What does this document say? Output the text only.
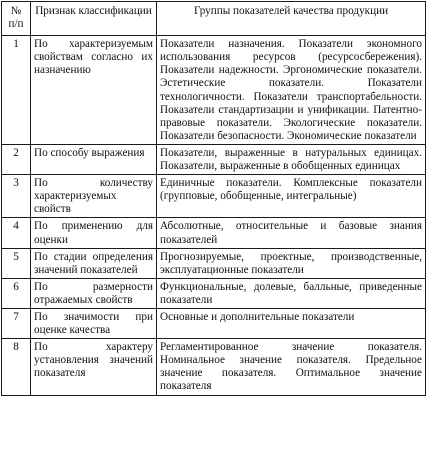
№ п/п	Признак классификации	Группы показателей качества продукции
1	По характеризуемым свойствам согласно их назначению	Показатели назначения. Показатели экономного использования ресурсов (ресурсосбережения). Показатели надежности. Эргономические показатели. Эстетические показатели. Показатели технологичности. Показатели транспортабельности. Показатели стандартизации и унификации. Патентно-правовые показатели. Экологические показатели. Показатели безопасности. Экономические показатели
2	По способу выражения	Показатели, выраженные в натуральных единицах. Показатели, выраженные в обобщенных единицах
3	По количеству характеризуемых свойств	Единичные показатели. Комплексные показатели (групповые, обобщенные, интегральные)
4	По применению для оценки	Абсолютные, относительные и базовые знания показателей
5	По стадии определения значений показателей	Прогнозируемые, проектные, производственные, эксплуатационные показатели
6	По размерности отражаемых свойств	Функциональные, долевые, балльные, приведенные показатели
7	По значимости при оценке качества	Основные и дополнительные показатели
8	По характеру установления значений показателя	Регламентированное значение показателя. Номинальное значение показателя. Предельное значение показателя. Оптимальное значение показателя
